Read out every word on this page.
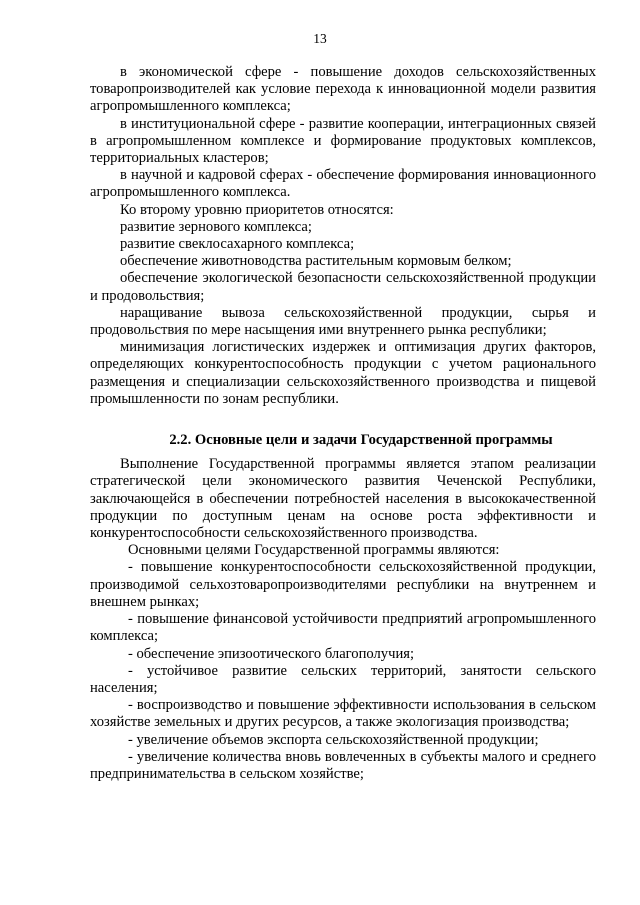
13

в экономической сфере - повышение доходов сельскохозяйственных товаропроизводителей как условие перехода к инновационной модели развития агропромышленного комплекса;

в институциональной сфере - развитие кооперации, интеграционных связей в агропромышленном комплексе и формирование продуктовых комплексов, территориальных кластеров;

в научной и кадровой сферах - обеспечение формирования инновационного агропромышленного комплекса.

Ко второму уровню приоритетов относятся:

развитие зернового комплекса;

развитие свеклосахарного комплекса;

обеспечение животноводства растительным кормовым белком;

обеспечение экологической безопасности сельскохозяйственной продукции и продовольствия;

наращивание вывоза сельскохозяйственной продукции, сырья и продовольствия по мере насыщения ими внутреннего рынка республики;

минимизация логистических издержек и оптимизация других факторов, определяющих конкурентоспособность продукции с учетом рационального размещения и специализации сельскохозяйственного производства и пищевой промышленности по зонам республики.

2.2. Основные цели и задачи Государственной программы

Выполнение Государственной программы является этапом реализации стратегической цели экономического развития Чеченской Республики, заключающейся в обеспечении потребностей населения в высококачественной продукции по доступным ценам на основе роста эффективности и конкурентоспособности сельскохозяйственного производства.

Основными целями Государственной программы являются:

- повышение конкурентоспособности сельскохозяйственной продукции, производимой сельхозтоваропроизводителями республики на внутреннем и внешнем рынках;

- повышение финансовой устойчивости предприятий агропромышленного комплекса;

- обеспечение эпизоотического благополучия;

- устойчивое развитие сельских территорий, занятости сельского населения;

- воспроизводство и повышение эффективности использования в сельском хозяйстве земельных и других ресурсов, а также экологизация производства;

- увеличение объемов экспорта сельскохозяйственной продукции;

- увеличение количества вновь вовлеченных в субъекты малого и среднего предпринимательства в сельском хозяйстве;
